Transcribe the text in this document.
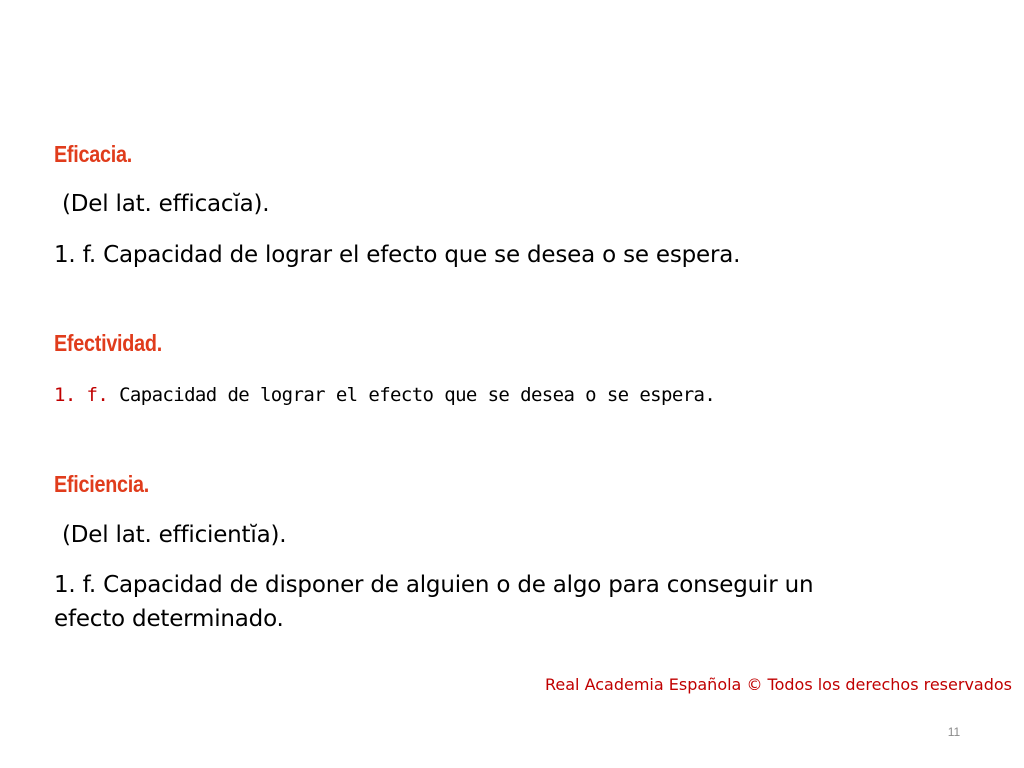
Eficacia.
(Del lat. efficacĭa).
1. f. Capacidad de lograr el efecto que se desea o se espera.
Efectividad.
1. f. Capacidad de lograr el efecto que se desea o se espera.
Eficiencia.
(Del lat. efficientĭa).
1. f. Capacidad de disponer de alguien o de algo para conseguir un
efecto determinado.
Real Academia Española © Todos los derechos reservados
11
